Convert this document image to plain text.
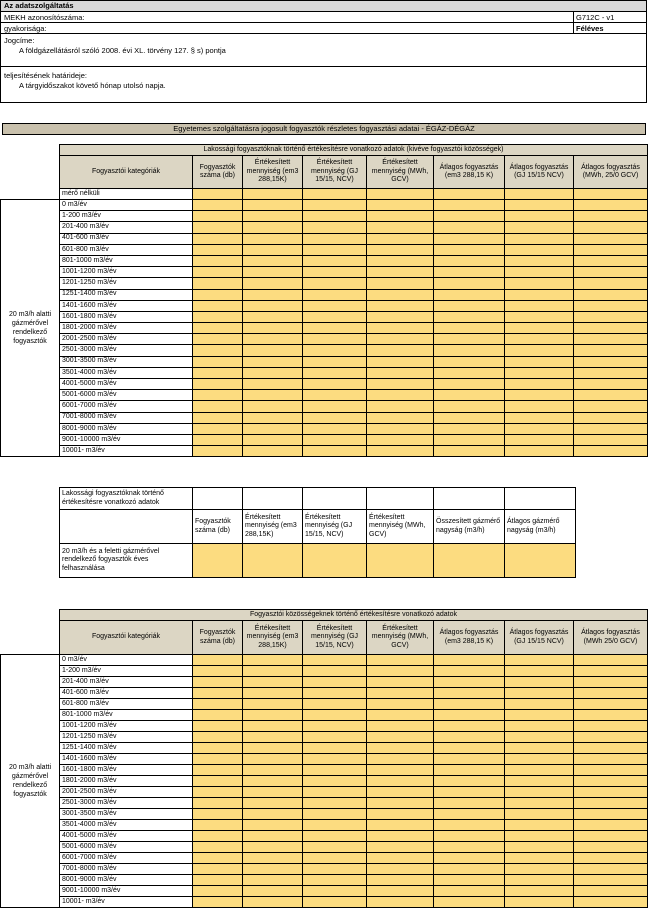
Az adatszolgáltatás
MEKH azonosítószáma:	G712C - v1
gyakorisága:	Féléves
Jogcíme:
A földgázellátásról szóló 2008. évi XL. törvény 127. § s) pontja
teljesítésének határideje:
A tárgyidőszakot követő hónap utolsó napja.
Egyetemes szolgáltatásra jogosult fogyasztók részletes fogyasztási adatai - ÉGÁZ-DÉGÁZ
Lakossági fogyasztóknak történő értékesítésre vonatkozó adatok (kivéve fogyasztói közösségek)							
Fogyasztói kategóriák	Fogyasztók száma (db)	Értékesített mennyiség (em3 288,15K)	Értékesített mennyiség (GJ 15/15, NCV)	Értékesített mennyiség (MWh, GCV)	Átlagos fogyasztás (em3 288,15 K)	Átlagos fogyasztás (GJ 15/15 NCV)	Átlagos fogyasztás (MWh, 25/0 GCV)
mérő nélküli							
0 m3/év							
1-200 m3/év							
201-400 m3/év							
401-600 m3/év							
601-800 m3/év							
801-1000 m3/év							
1001-1200 m3/év							
1201-1250 m3/év							
1251-1400 m3/év							
1401-1600 m3/év							
1601-1800 m3/év							
1801-2000 m3/év							
2001-2500 m3/év							
2501-3000 m3/év							
3001-3500 m3/év							
3501-4000 m3/év							
4001-5000 m3/év							
5001-6000 m3/év							
6001-7000 m3/év							
7001-8000 m3/év							
8001-9000 m3/év							
9001-10000 m3/év							
10001- m3/év							
20 m3/h alatti gázmérővel rendelkező fogyasztók
Lakossági fogyasztóknak történő értékesítésre vonatkozó adatok						
	Fogyasztók száma (db)	Értékesített mennyiség (em3 288,15K)	Értékesített mennyiség (GJ 15/15, NCV)	Értékesített mennyiség (MWh, GCV)	Összesített gázmérő nagyság (m3/h)	Átlagos gázmérő nagyság (m3/h)
20 m3/h és a feletti gázmérővel rendelkező fogyasztók éves felhasználása						
Fogyasztói közösségeknek történő értékesítésre vonatkozó adatok							
Fogyasztói kategóriák	Fogyasztók száma (db)	Értékesített mennyiség (em3 288,15K)	Értékesített mennyiség (GJ 15/15, NCV)	Értékesített mennyiség (MWh, GCV)	Átlagos fogyasztás (em3 288,15 K)	Átlagos fogyasztás (GJ 15/15 NCV)	Átlagos fogyasztás (MWh 25/0 GCV)
0 m3/év							
1-200 m3/év							
201-400 m3/év							
401-600 m3/év							
601-800 m3/év							
801-1000 m3/év							
1001-1200 m3/év							
1201-1250 m3/év							
1251-1400 m3/év							
1401-1600 m3/év							
1601-1800 m3/év							
1801-2000 m3/év							
2001-2500 m3/év							
2501-3000 m3/év							
3001-3500 m3/év							
3501-4000 m3/év							
4001-5000 m3/év							
5001-6000 m3/év							
6001-7000 m3/év							
7001-8000 m3/év							
8001-9000 m3/év							
9001-10000 m3/év							
10001- m3/év							
20 m3/h alatti gázmérővel rendelkező fogyasztók
